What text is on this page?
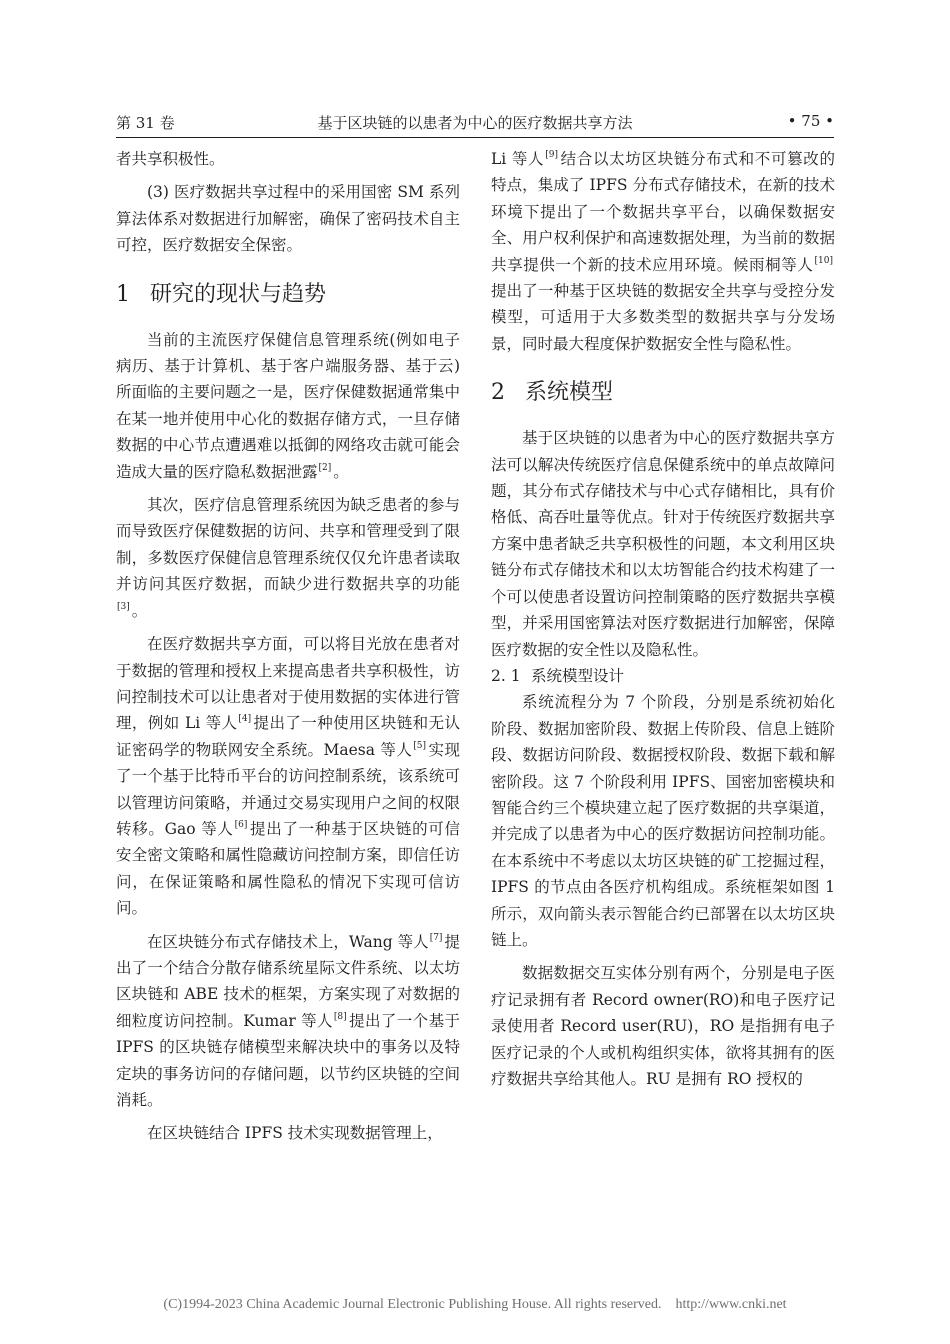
第 31 卷	基于区块链的以患者为中心的医疗数据共享方法	• 75 •

者共享积极性。

(3) 医疗数据共享过程中的采用国密 SM 系列算法体系对数据进行加解密，确保了密码技术自主可控，医疗数据安全保密。

1 研究的现状与趋势

当前的主流医疗保健信息管理系统(例如电子病历、基于计算机、基于客户端服务器、基于云)所面临的主要问题之一是，医疗保健数据通常集中在某一地并使用中心化的数据存储方式，一旦存储数据的中心节点遭遇难以抵御的网络攻击就可能会造成大量的医疗隐私数据泄露[2] 。

其次，医疗信息管理系统因为缺乏患者的参与而导致医疗保健数据的访问、共享和管理受到了限制，多数医疗保健信息管理系统仅仅允许患者读取并访问其医疗数据，而缺少进行数据共享的功能[3] 。

在医疗数据共享方面，可以将目光放在患者对于数据的管理和授权上来提高患者共享积极性，访问控制技术可以让患者对于使用数据的实体进行管理，例如 Li 等人[4] 提出了一种使用区块链和无认证密码学的物联网安全系统。Maesa 等人[5] 实现了一个基于比特币平台的访问控制系统，该系统可以管理访问策略，并通过交易实现用户之间的权限转移。Gao 等人[6] 提出了一种基于区块链的可信安全密文策略和属性隐藏访问控制方案，即信任访问，在保证策略和属性隐私的情况下实现可信访问。

在区块链分布式存储技术上，Wang 等人[7] 提出了一个结合分散存储系统星际文件系统、以太坊区块链和 ABE 技术的框架，方案实现了对数据的细粒度访问控制。Kumar 等人[8] 提出了一个基于 IPFS 的区块链存储模型来解决块中的事务以及特定块的事务访问的存储问题，以节约区块链的空间消耗。

在区块链结合 IPFS 技术实现数据管理上，

Li 等人[9] 结合以太坊区块链分布式和不可篡改的特点，集成了 IPFS 分布式存储技术，在新的技术环境下提出了一个数据共享平台，以确保数据安全、用户权利保护和高速数据处理，为当前的数据共享提供一个新的技术应用环境。候雨桐等人[10]提出了一种基于区块链的数据安全共享与受控分发模型，可适用于大多数类型的数据共享与分发场景，同时最大程度保护数据安全性与隐私性。

2 系统模型

基于区块链的以患者为中心的医疗数据共享方法可以解决传统医疗信息保健系统中的单点故障问题，其分布式存储技术与中心式存储相比，具有价格低、高吞吐量等优点。针对于传统医疗数据共享方案中患者缺乏共享积极性的问题，本文利用区块链分布式存储技术和以太坊智能合约技术构建了一个可以使患者设置访问控制策略的医疗数据共享模型，并采用国密算法对医疗数据进行加解密，保障医疗数据的安全性以及隐私性。

2. 1 系统模型设计

系统流程分为 7 个阶段，分别是系统初始化阶段、数据加密阶段、数据上传阶段、信息上链阶段、数据访问阶段、数据授权阶段、数据下载和解密阶段。这 7 个阶段利用 IPFS、国密加密模块和智能合约三个模块建立起了医疗数据的共享渠道，并完成了以患者为中心的医疗数据访问控制功能。在本系统中不考虑以太坊区块链的矿工挖掘过程，IPFS 的节点由各医疗机构组成。系统框架如图 1 所示，双向箭头表示智能合约已部署在以太坊区块链上。

数据数据交互实体分别有两个，分别是电子医疗记录拥有者 Record owner(RO)和电子医疗记录使用者 Record user(RU)，RO 是指拥有电子医疗记录的个人或机构组织实体，欲将其拥有的医疗数据共享给其他人。RU 是拥有 RO 授权的

(C)1994-2023 China Academic Journal Electronic Publishing House. All rights reserved.    http://www.cnki.net
